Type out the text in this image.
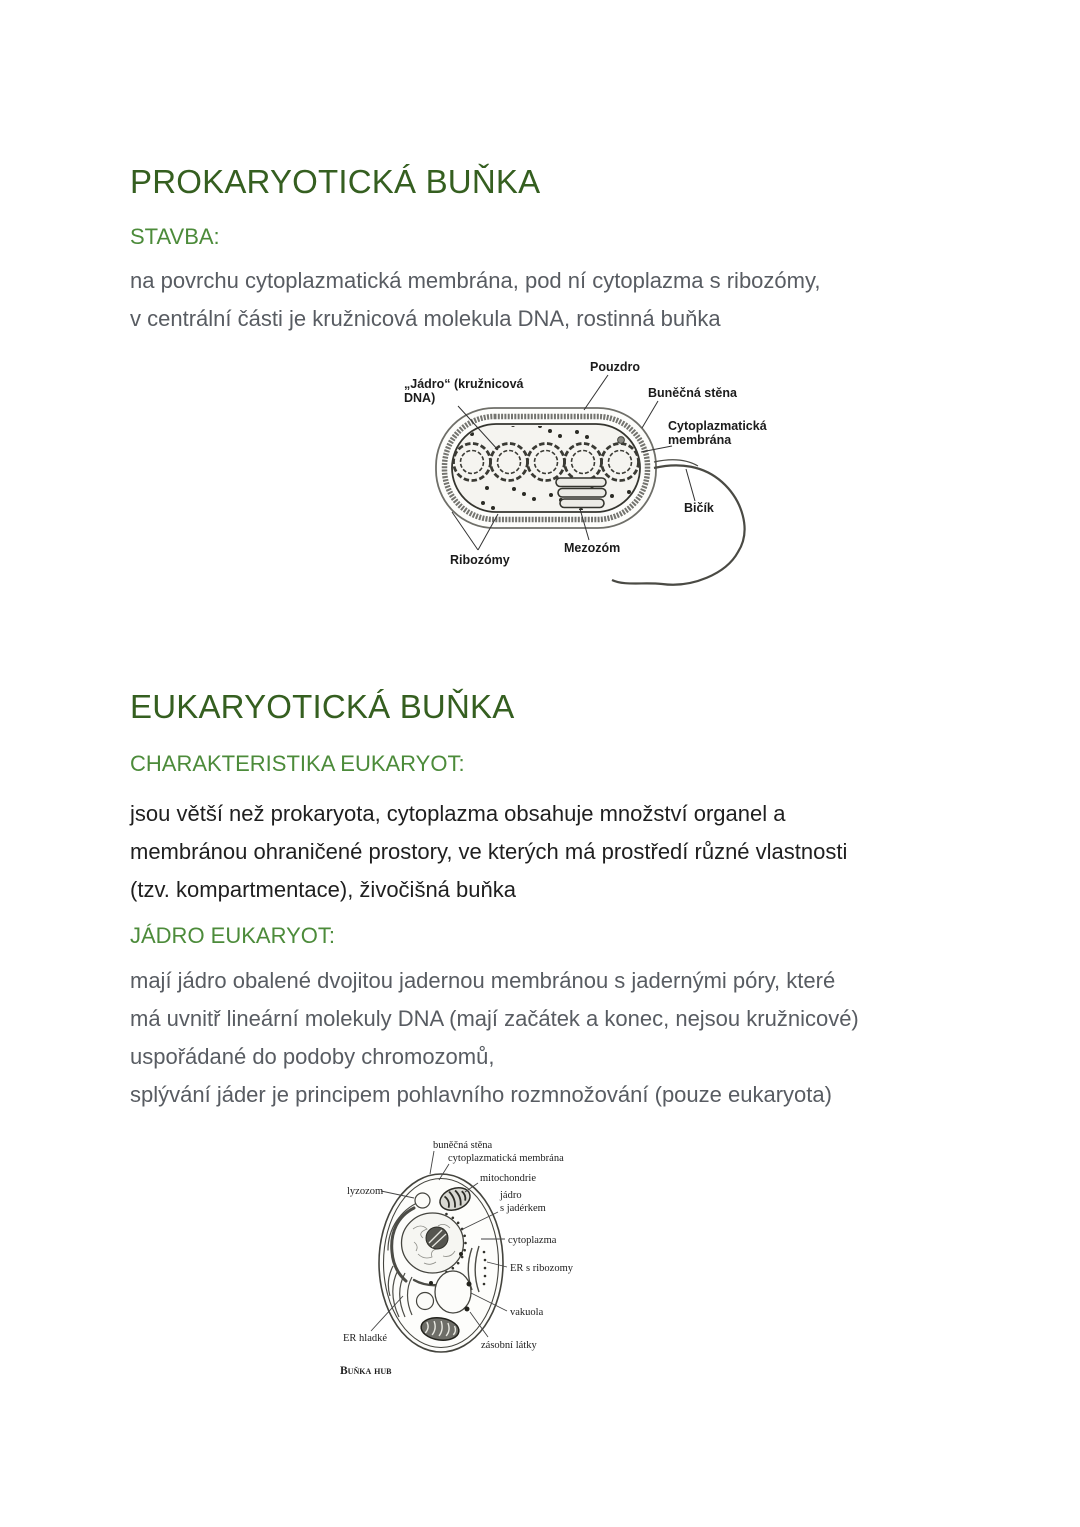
PROKARYOTICKÁ BUŇKA
STAVBA:
na povrchu cytoplazmatická membrána, pod ní cytoplazma s ribozómy,
v centrální části je kružnicová molekula DNA, rostinná buňka
Pouzdro
„Jádro“ (kružnicová
DNA)	Buněčná stěna
Cytoplazmatická
membrána
Bičík
Mezozóm
Ribozómy
EUKARYOTICKÁ BUŇKA
CHARAKTERISTIKA EUKARYOT:
jsou větší než prokaryota, cytoplazma obsahuje množství organel a
membránou ohraničené prostory, ve kterých má prostředí různé vlastnosti
(tzv. kompartmentace), živočišná buňka
JÁDRO EUKARYOT:
mají jádro obalené dvojitou jadernou membránou s jadernými póry, které
má uvnitř lineární molekuly DNA (mají začátek a konec, nejsou kružnicové)
uspořádané do podoby chromozomů,
splývání jáder je principem pohlavního rozmnožování (pouze eukaryota)
buněčná stěna
cytoplazmatická membrána
mitochondrie
jádro
s jadérkem
cytoplazma
ER s ribozomy
vakuola
zásobní látky
ER hladké
lyzozom
Buňka hub
